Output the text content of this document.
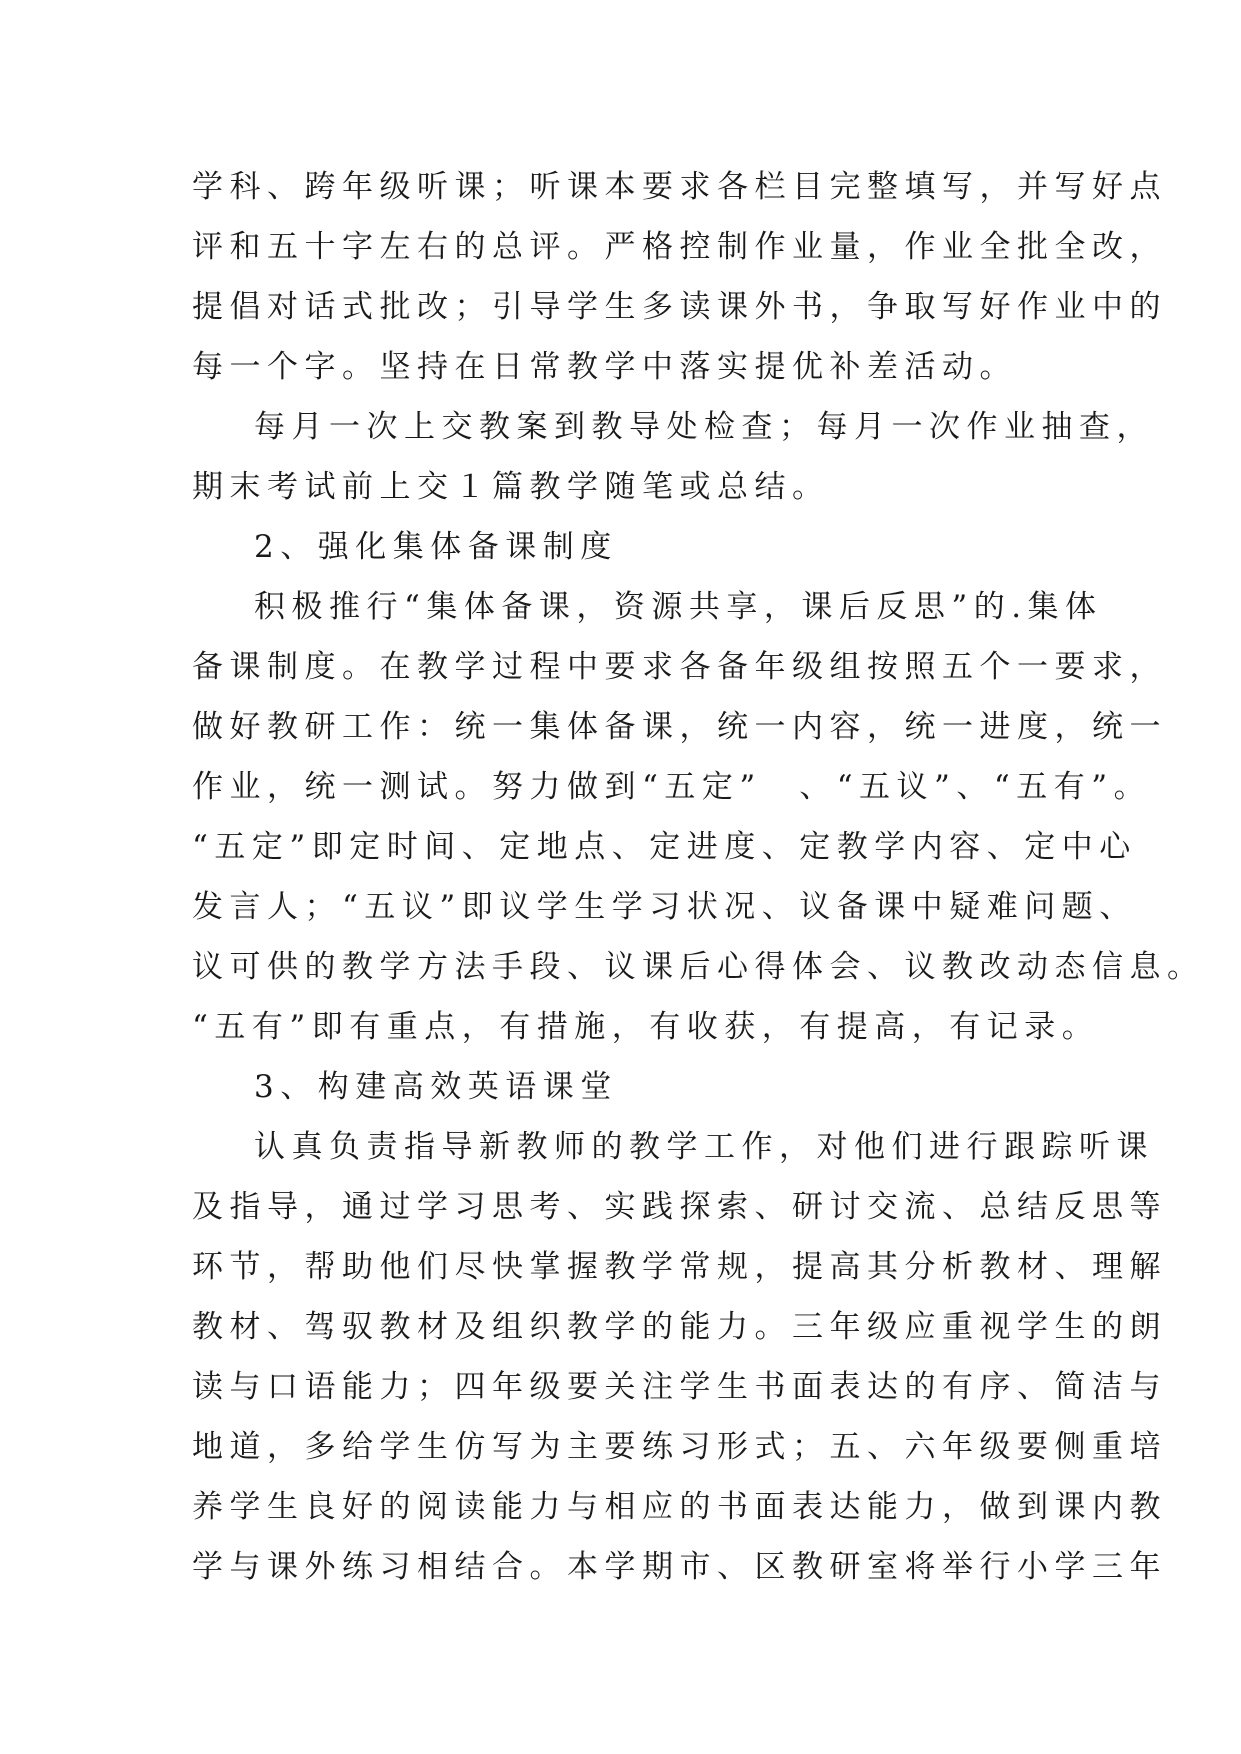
学科、跨年级听课；听课本要求各栏目完整填写，并写好点
评和五十字左右的总评。严格控制作业量，作业全批全改，
提倡对话式批改；引导学生多读课外书，争取写好作业中的
每一个字。坚持在日常教学中落实提优补差活动。
每月一次上交教案到教导处检查；每月一次作业抽查，
期末考试前上交１篇教学随笔或总结。
2、强化集体备课制度
积极推行“集体备课，资源共享，课后反思”的.集体
备课制度。在教学过程中要求各备年级组按照五个一要求，
做好教研工作：统一集体备课，统一内容，统一进度，统一
作业，统一测试。努力做到“五定”　、“五议”、“五有”。
“五定”即定时间、定地点、定进度、定教学内容、定中心
发言人；“五议”即议学生学习状况、议备课中疑难问题、
议可供的教学方法手段、议课后心得体会、议教改动态信息。
“五有”即有重点，有措施，有收获，有提高，有记录。
3、构建高效英语课堂
认真负责指导新教师的教学工作，对他们进行跟踪听课
及指导，通过学习思考、实践探索、研讨交流、总结反思等
环节，帮助他们尽快掌握教学常规，提高其分析教材、理解
教材、驾驭教材及组织教学的能力。三年级应重视学生的朗
读与口语能力；四年级要关注学生书面表达的有序、简洁与
地道，多给学生仿写为主要练习形式；五、六年级要侧重培
养学生良好的阅读能力与相应的书面表达能力，做到课内教
学与课外练习相结合。本学期市、区教研室将举行小学三年
